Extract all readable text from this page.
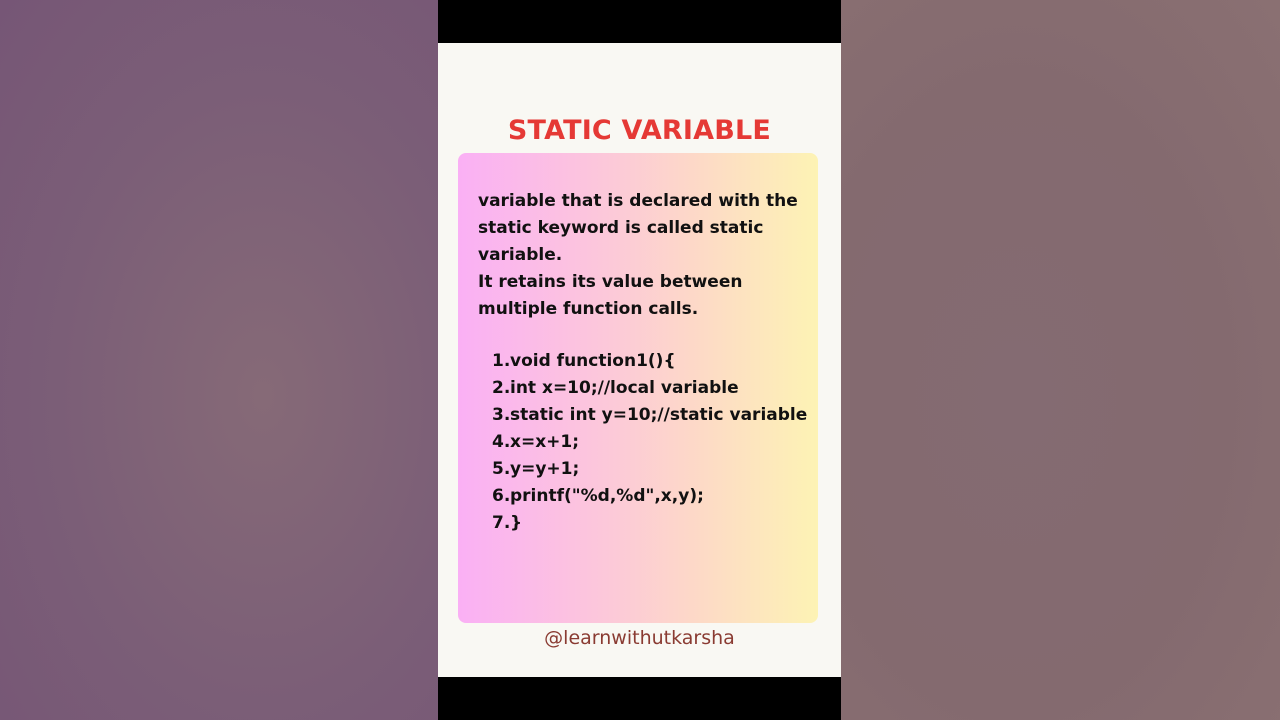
STATIC VARIABLE

variable that is declared with the static keyword is called static variable.

It retains its value between multiple function calls.

1. void function1(){
2. int x=10;//local variable
3. static int y=10;//static variable
4. x=x+1;
5. y=y+1;
6. printf("%d,%d",x,y);
7. }
@learnwithutkarsha
